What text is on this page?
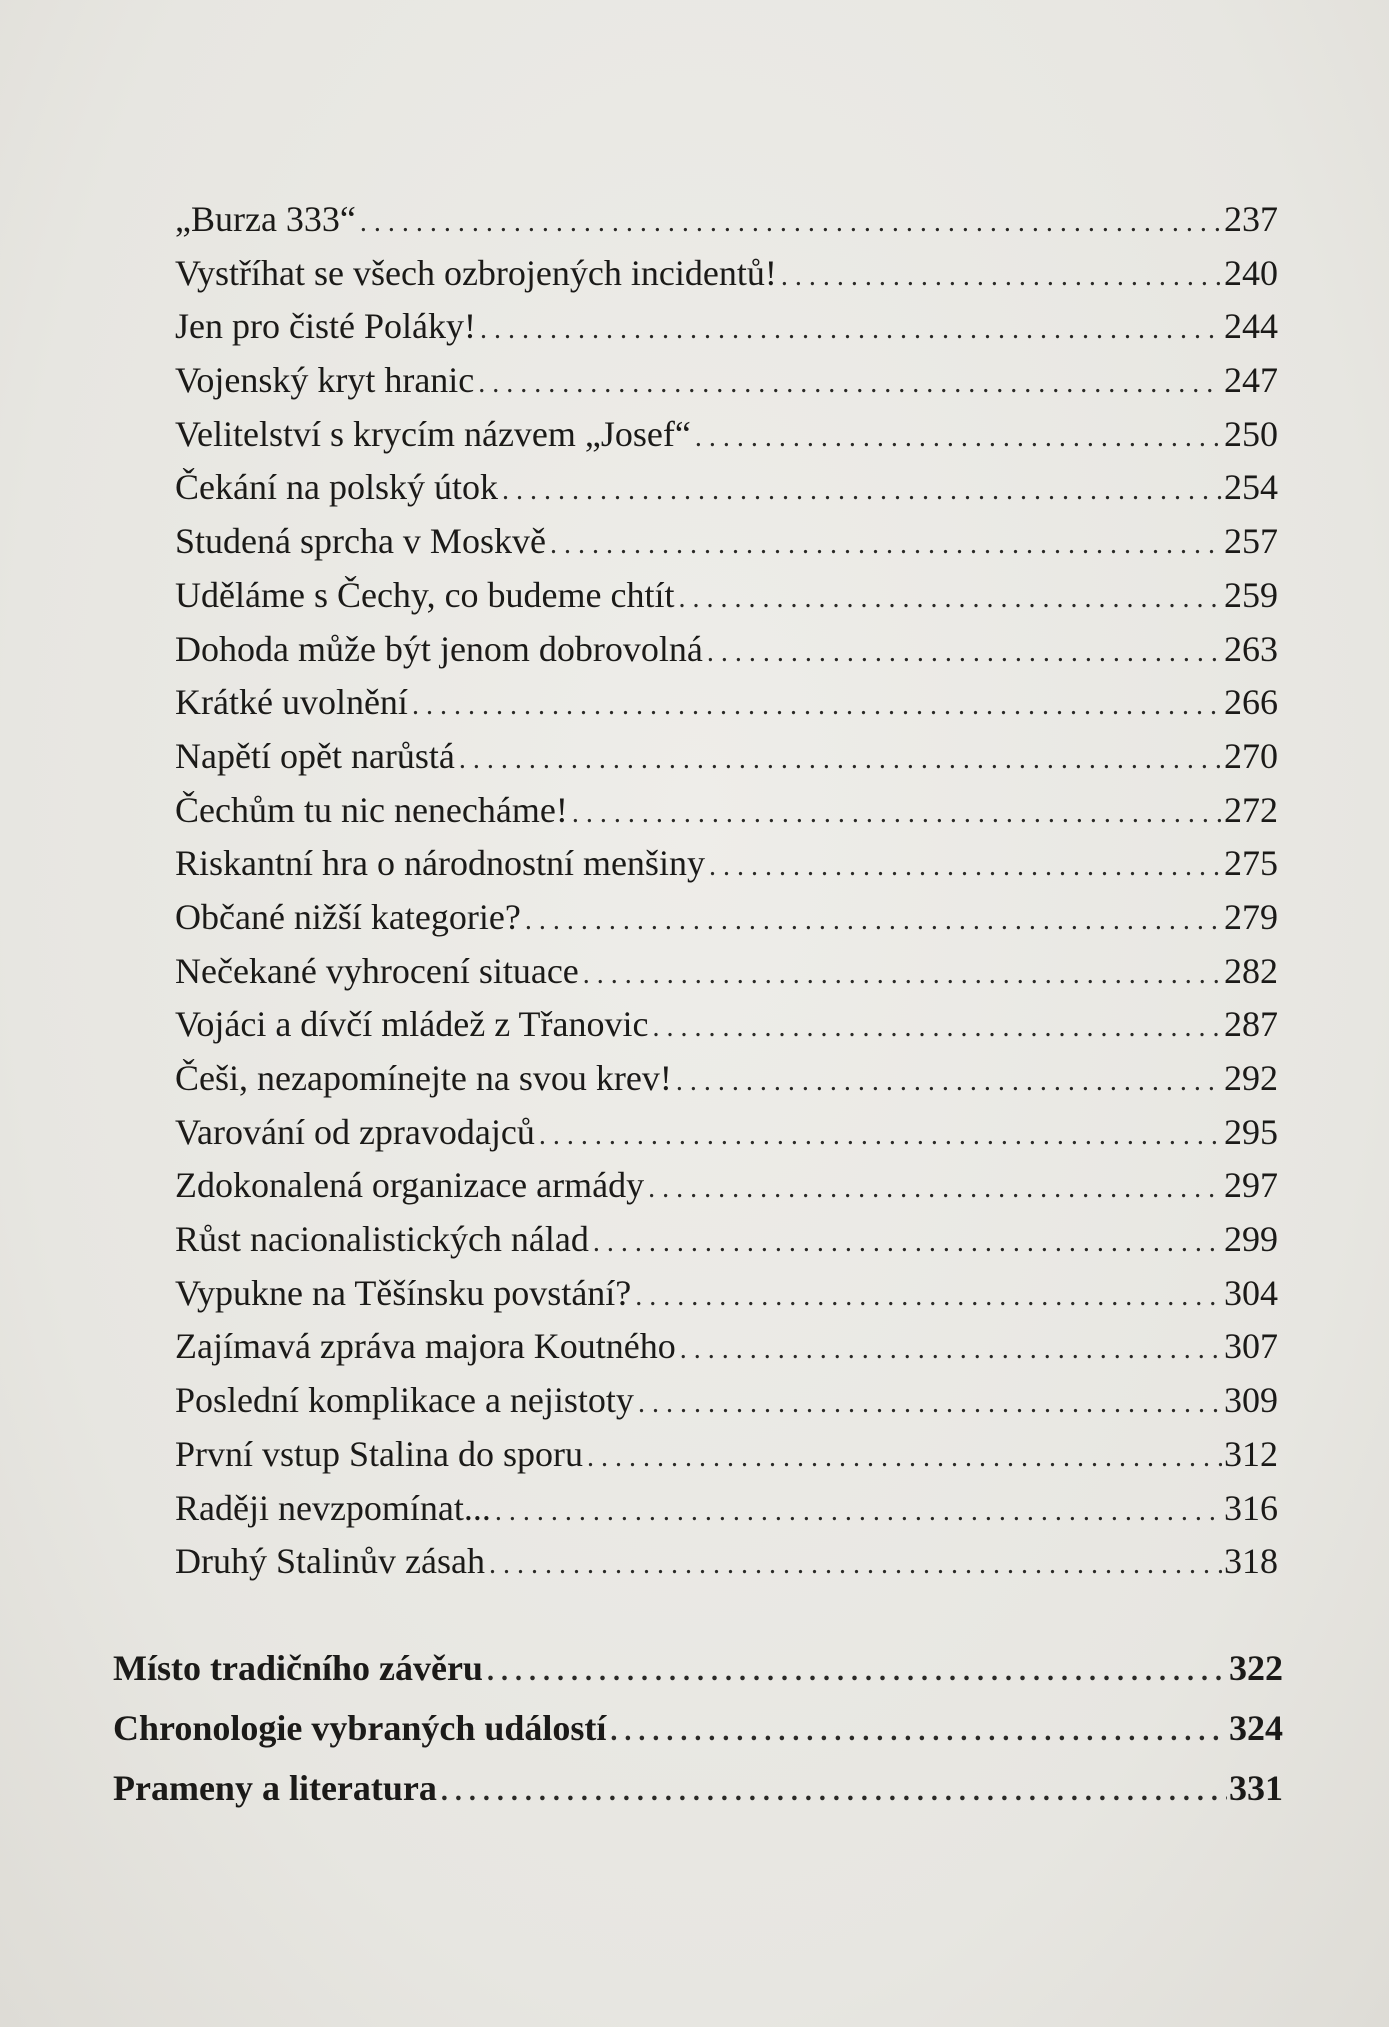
„Burza 333“ . . .	237
Vystříhat se všech ozbrojených incidentů! . . .	240
Jen pro čisté Poláky! . . .	244
Vojenský kryt hranic . . .	247
Velitelství s krycím názvem „Josef“ . . .	250
Čekání na polský útok . . .	254
Studená sprcha v Moskvě . . .	257
Uděláme s Čechy, co budeme chtít . . .	259
Dohoda může být jenom dobrovolná . . .	263
Krátké uvolnění . . .	266
Napětí opět narůstá . . .	270
Čechům tu nic nenecháme! . . .	272
Riskantní hra o národnostní menšiny . . .	275
Občané nižší kategorie? . . .	279
Nečekané vyhrocení situace . . .	282
Vojáci a dívčí mládež z Třanovic . . .	287
Češi, nezapomínejte na svou krev! . . .	292
Varování od zpravodajců . . .	295
Zdokonalená organizace armády . . .	297
Růst nacionalistických nálad . . .	299
Vypukne na Těšínsku povstání? . . .	304
Zajímavá zpráva majora Koutného . . .	307
Poslední komplikace a nejistoty . . .	309
První vstup Stalina do sporu . . .	312
Raději nevzpomínat... . . .	316
Druhý Stalinův zásah . . .	318
Místo tradičního závěru . . .	322
Chronologie vybraných událostí . . .	324
Prameny a literatura . . .	331
